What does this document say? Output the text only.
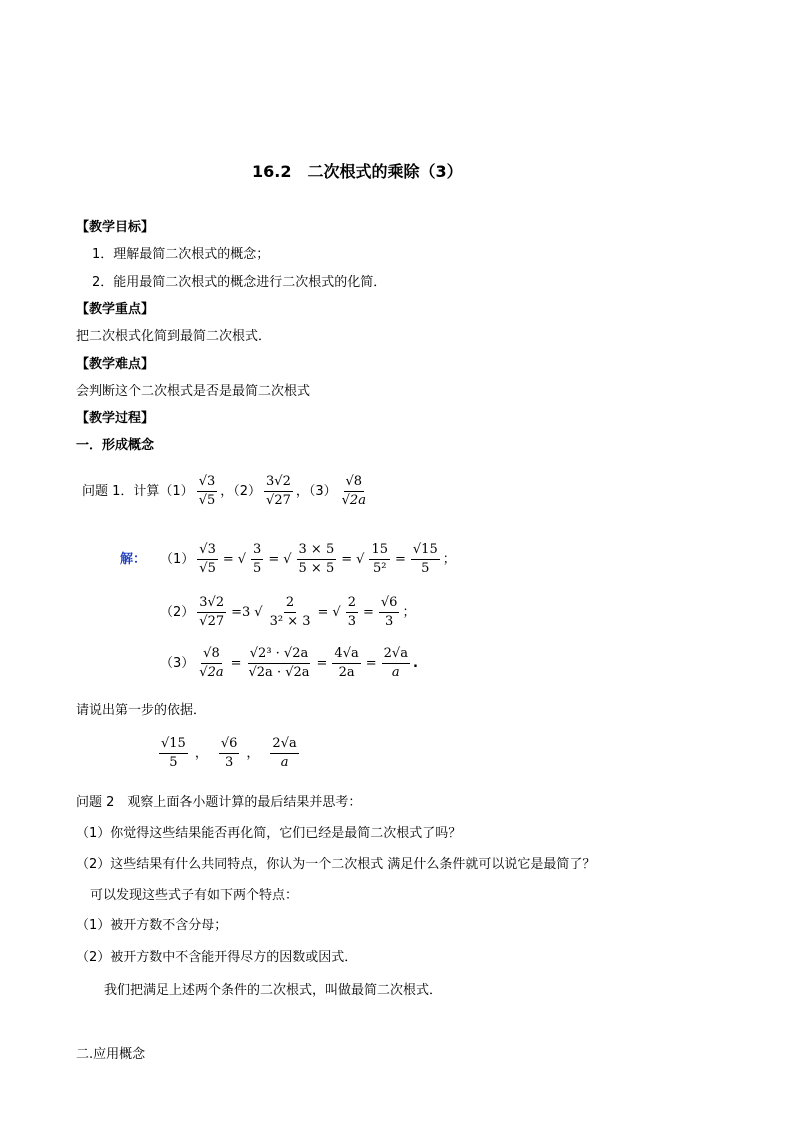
16.2　二次根式的乘除（3）
【教学目标】
1．理解最简二次根式的概念；
2．能用最简二次根式的概念进行二次根式的化简．
【教学重点】
把二次根式化简到最简二次根式．
【教学难点】
会判断这个二次根式是否是最简二次根式
【教学过程】
一．形成概念
问题 1．计算$(1) \frac{√3}{√5}$ ，$(2) \frac{3√2}{√27}$ ，$(3) \frac{√8}{√2a}$
解：	$(1) \frac{√3}{√5}$ = √ $\frac{3}{5}$ = √ $\frac{3 \times 5}{5 \times 5}$ = √ $\frac{15}{\text{5²}} = \frac{√15}{5}$ ；
$(2) \frac{3√2}{√27} =3$ √ $\frac{2}{\text{3² × 3}}$ = √ $\frac{2}{3} = \frac{√6}{3}$ ；
$(3) \frac{√8}{√2a} = \frac{\text{√2³ · √2a}}{√2a \cdot √2a} = \frac{4√a}{2a} = \frac{2√a}{a}$ .
请说出第一步的依据．
$\frac{√15}{5}$ ， $\frac{√6}{3}$ ， $\frac{2√a}{a}$
问题 2　观察上面各小题计算的最后结果并思考：
（1）你觉得这些结果能否再化简，它们已经是最简二次根式了吗？
（2）这些结果有什么共同特点，你认为一个二次根式 满足什么条件就可以说它是最简了？
可以发现这些式子有如下两个特点：
（1）被开方数不含分母；
（2）被开方数中不含能开得尽方的因数或因式．
我们把满足上述两个条件的二次根式，叫做最简二次根式．
二.应用概念
